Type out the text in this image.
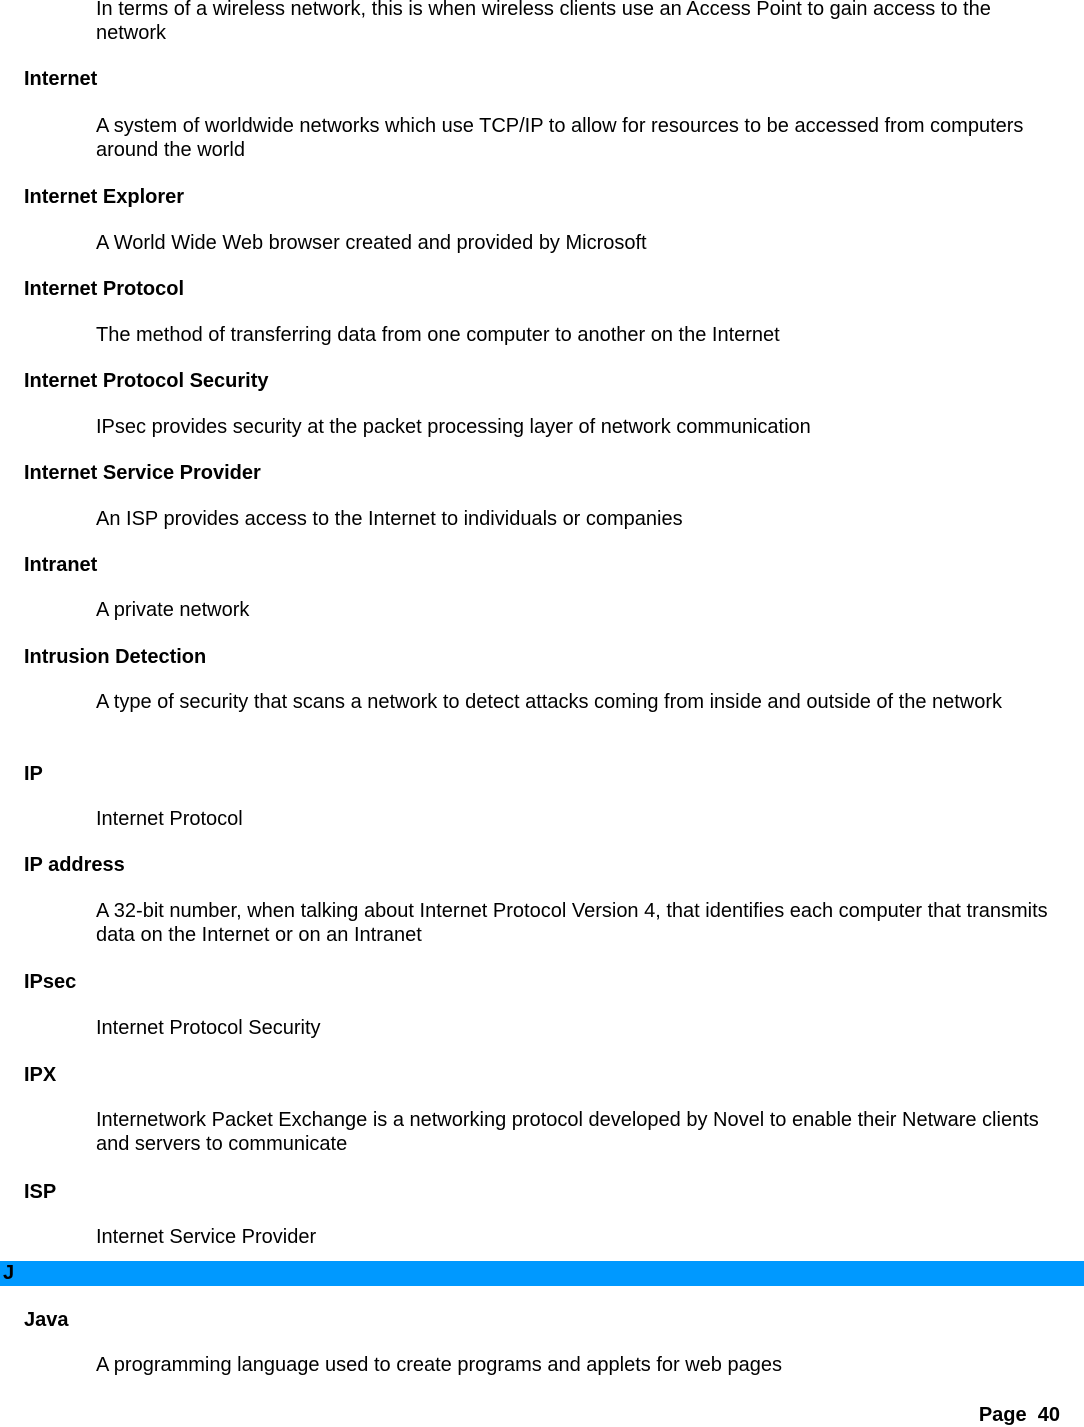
In terms of a wireless network, this is when wireless clients use an Access Point to gain access to the network
Internet
A system of worldwide networks which use TCP/IP to allow for resources to be accessed from computers around the world
Internet Explorer
A World Wide Web browser created and provided by Microsoft
Internet Protocol
The method of transferring data from one computer to another on the Internet
Internet Protocol Security
IPsec provides security at the packet processing layer of network communication
Internet Service Provider
An ISP provides access to the Internet to individuals or companies
Intranet
A private network
Intrusion Detection
A type of security that scans a network to detect attacks coming from inside and outside of the network
IP
Internet Protocol
IP address
A 32-bit number, when talking about Internet Protocol Version 4, that identifies each computer that transmits data on the Internet or on an Intranet
IPsec
Internet Protocol Security
IPX
Internetwork Packet Exchange is a networking protocol developed by Novel to enable their Netware clients and servers to communicate
ISP
Internet Service Provider
J
Java
A programming language used to create programs and applets for web pages
Page 40
